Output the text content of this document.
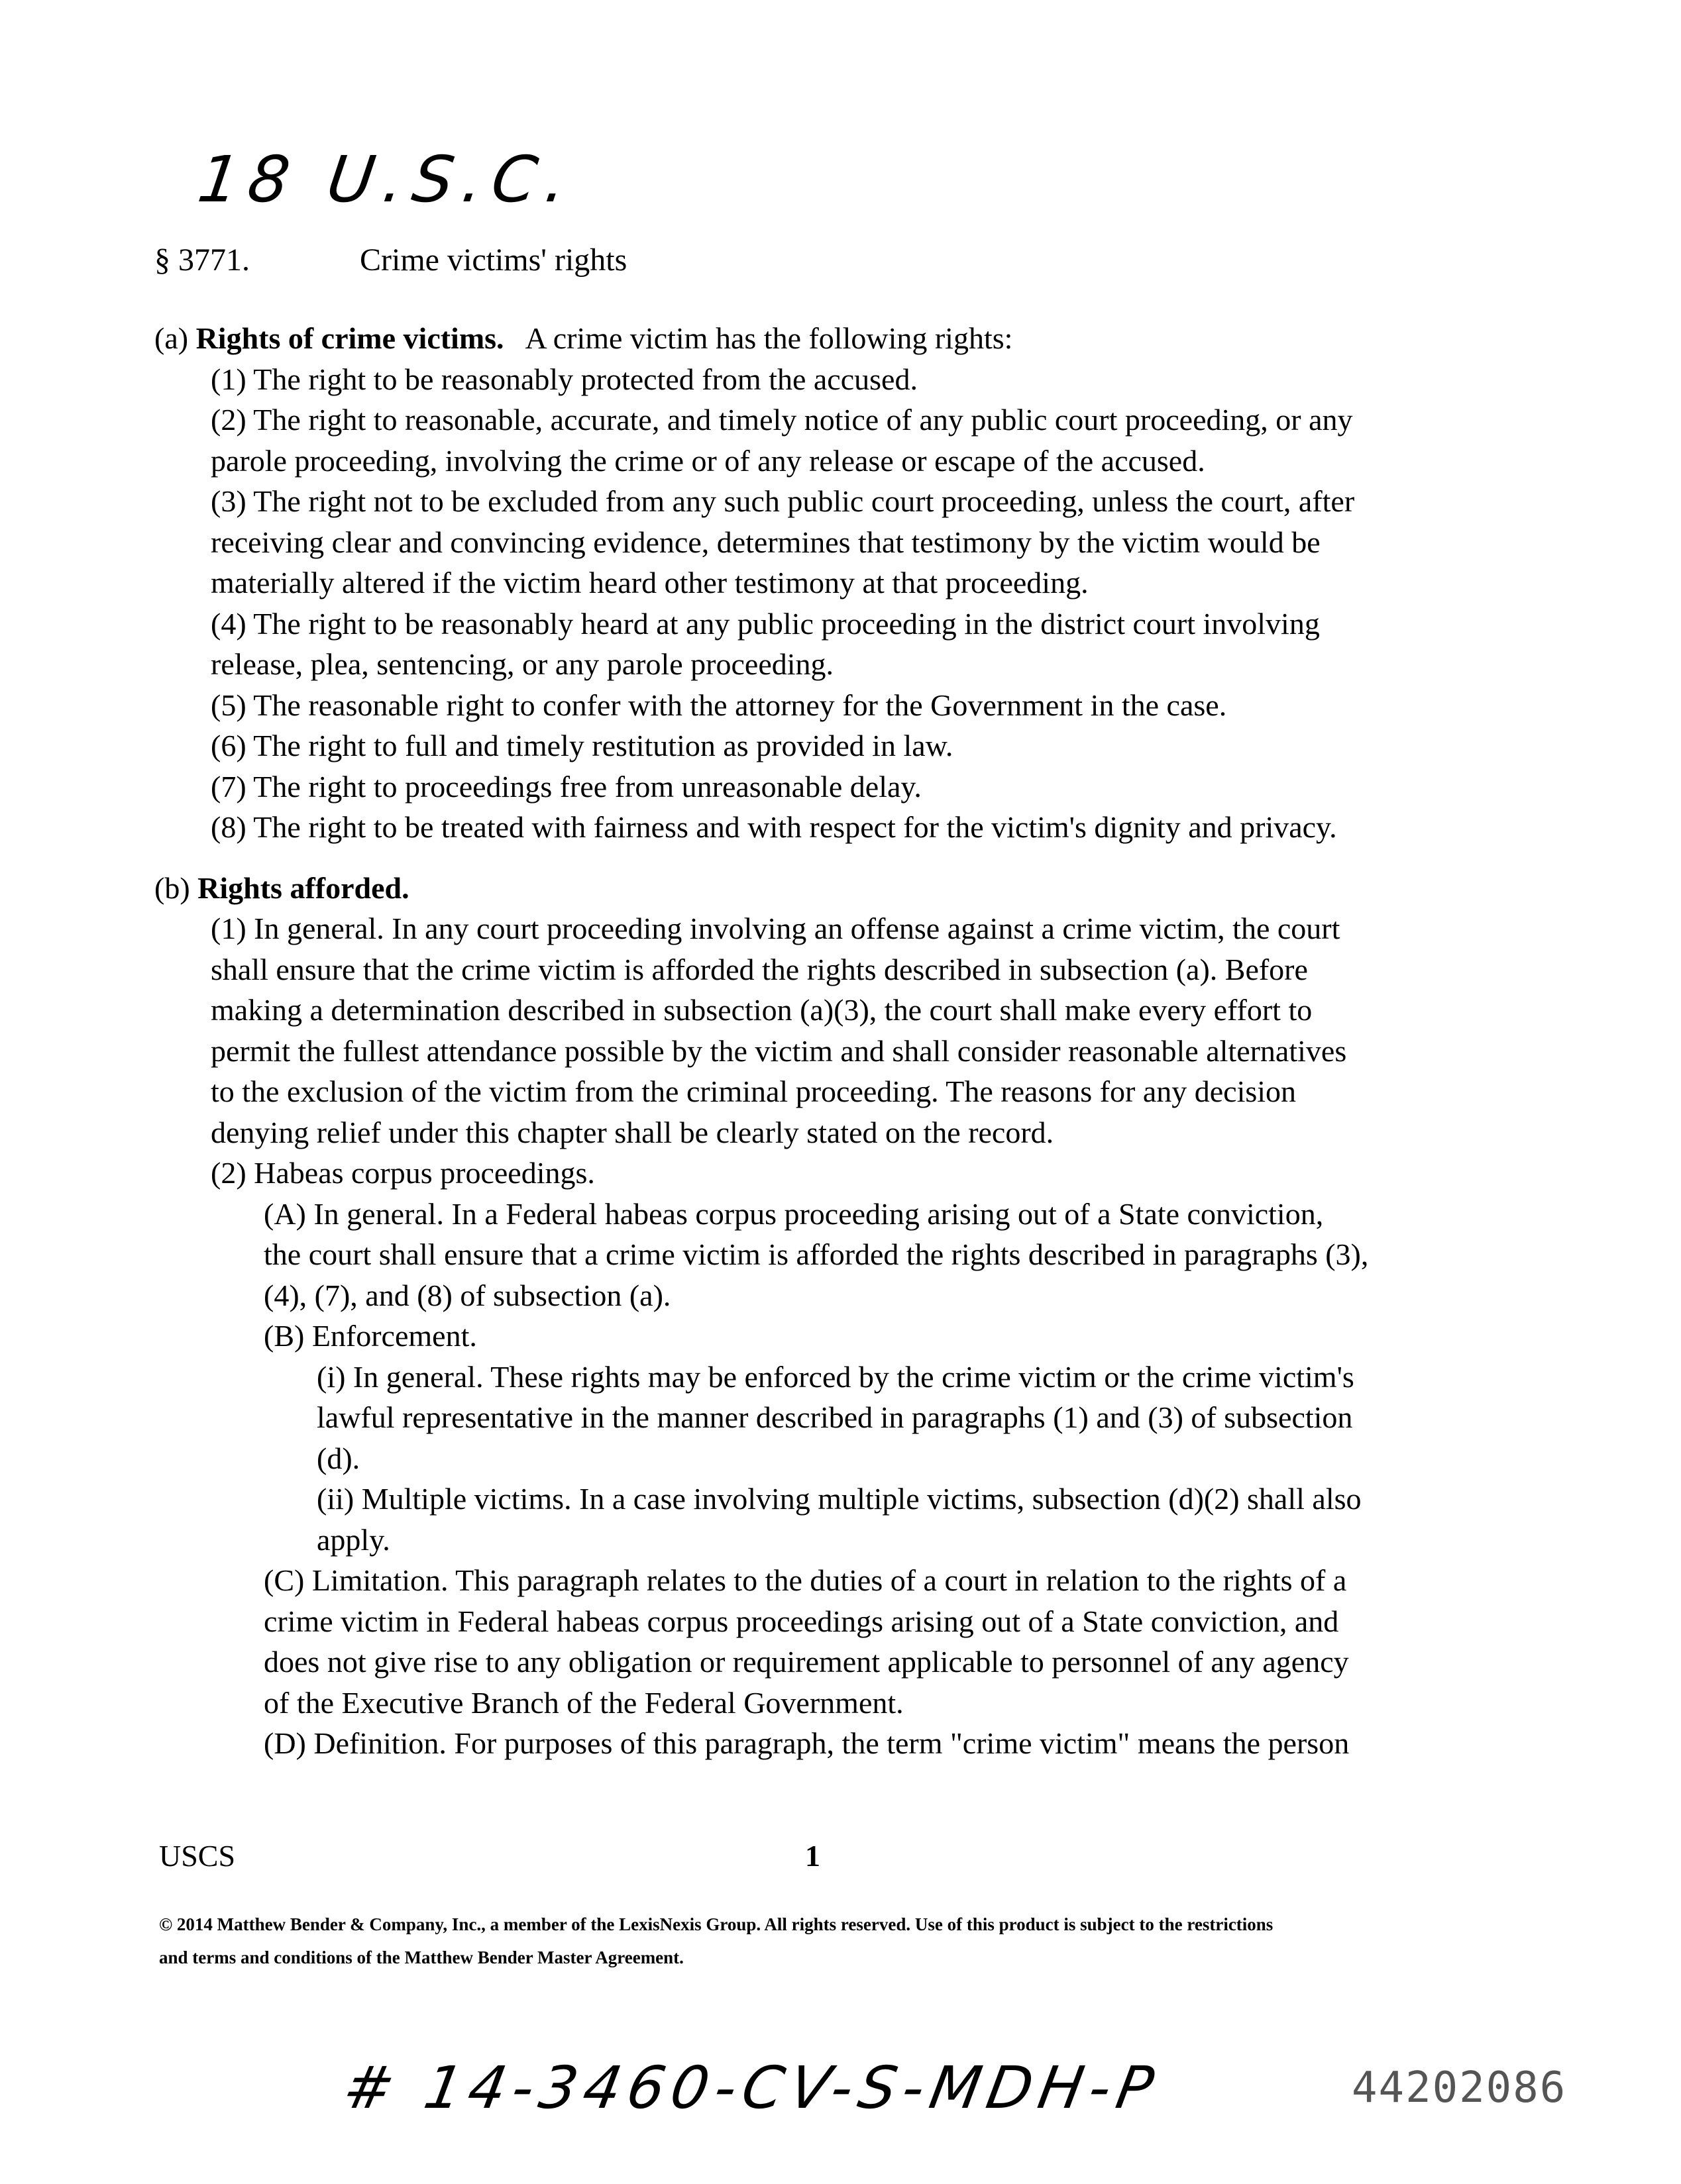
18 U.S.C.
§ 3771.	Crime victims' rights
(a) Rights of crime victims. A crime victim has the following rights:
(1) The right to be reasonably protected from the accused.
(2) The right to reasonable, accurate, and timely notice of any public court proceeding, or any
parole proceeding, involving the crime or of any release or escape of the accused.
(3) The right not to be excluded from any such public court proceeding, unless the court, after
receiving clear and convincing evidence, determines that testimony by the victim would be
materially altered if the victim heard other testimony at that proceeding.
(4) The right to be reasonably heard at any public proceeding in the district court involving
release, plea, sentencing, or any parole proceeding.
(5) The reasonable right to confer with the attorney for the Government in the case.
(6) The right to full and timely restitution as provided in law.
(7) The right to proceedings free from unreasonable delay.
(8) The right to be treated with fairness and with respect for the victim's dignity and privacy.
(b) Rights afforded.
(1) In general. In any court proceeding involving an offense against a crime victim, the court
shall ensure that the crime victim is afforded the rights described in subsection (a). Before
making a determination described in subsection (a)(3), the court shall make every effort to
permit the fullest attendance possible by the victim and shall consider reasonable alternatives
to the exclusion of the victim from the criminal proceeding. The reasons for any decision
denying relief under this chapter shall be clearly stated on the record.
(2) Habeas corpus proceedings.
(A) In general. In a Federal habeas corpus proceeding arising out of a State conviction,
the court shall ensure that a crime victim is afforded the rights described in paragraphs (3),
(4), (7), and (8) of subsection (a).
(B) Enforcement.
(i) In general. These rights may be enforced by the crime victim or the crime victim's
lawful representative in the manner described in paragraphs (1) and (3) of subsection
(d).
(ii) Multiple victims. In a case involving multiple victims, subsection (d)(2) shall also
apply.
(C) Limitation. This paragraph relates to the duties of a court in relation to the rights of a
crime victim in Federal habeas corpus proceedings arising out of a State conviction, and
does not give rise to any obligation or requirement applicable to personnel of any agency
of the Executive Branch of the Federal Government.
(D) Definition. For purposes of this paragraph, the term "crime victim" means the person
USCS	1
© 2014 Matthew Bender & Company, Inc., a member of the LexisNexis Group. All rights reserved. Use of this product is subject to the restrictions
and terms and conditions of the Matthew Bender Master Agreement.
# 14-3460-CV-S-MDH-P	44202086
